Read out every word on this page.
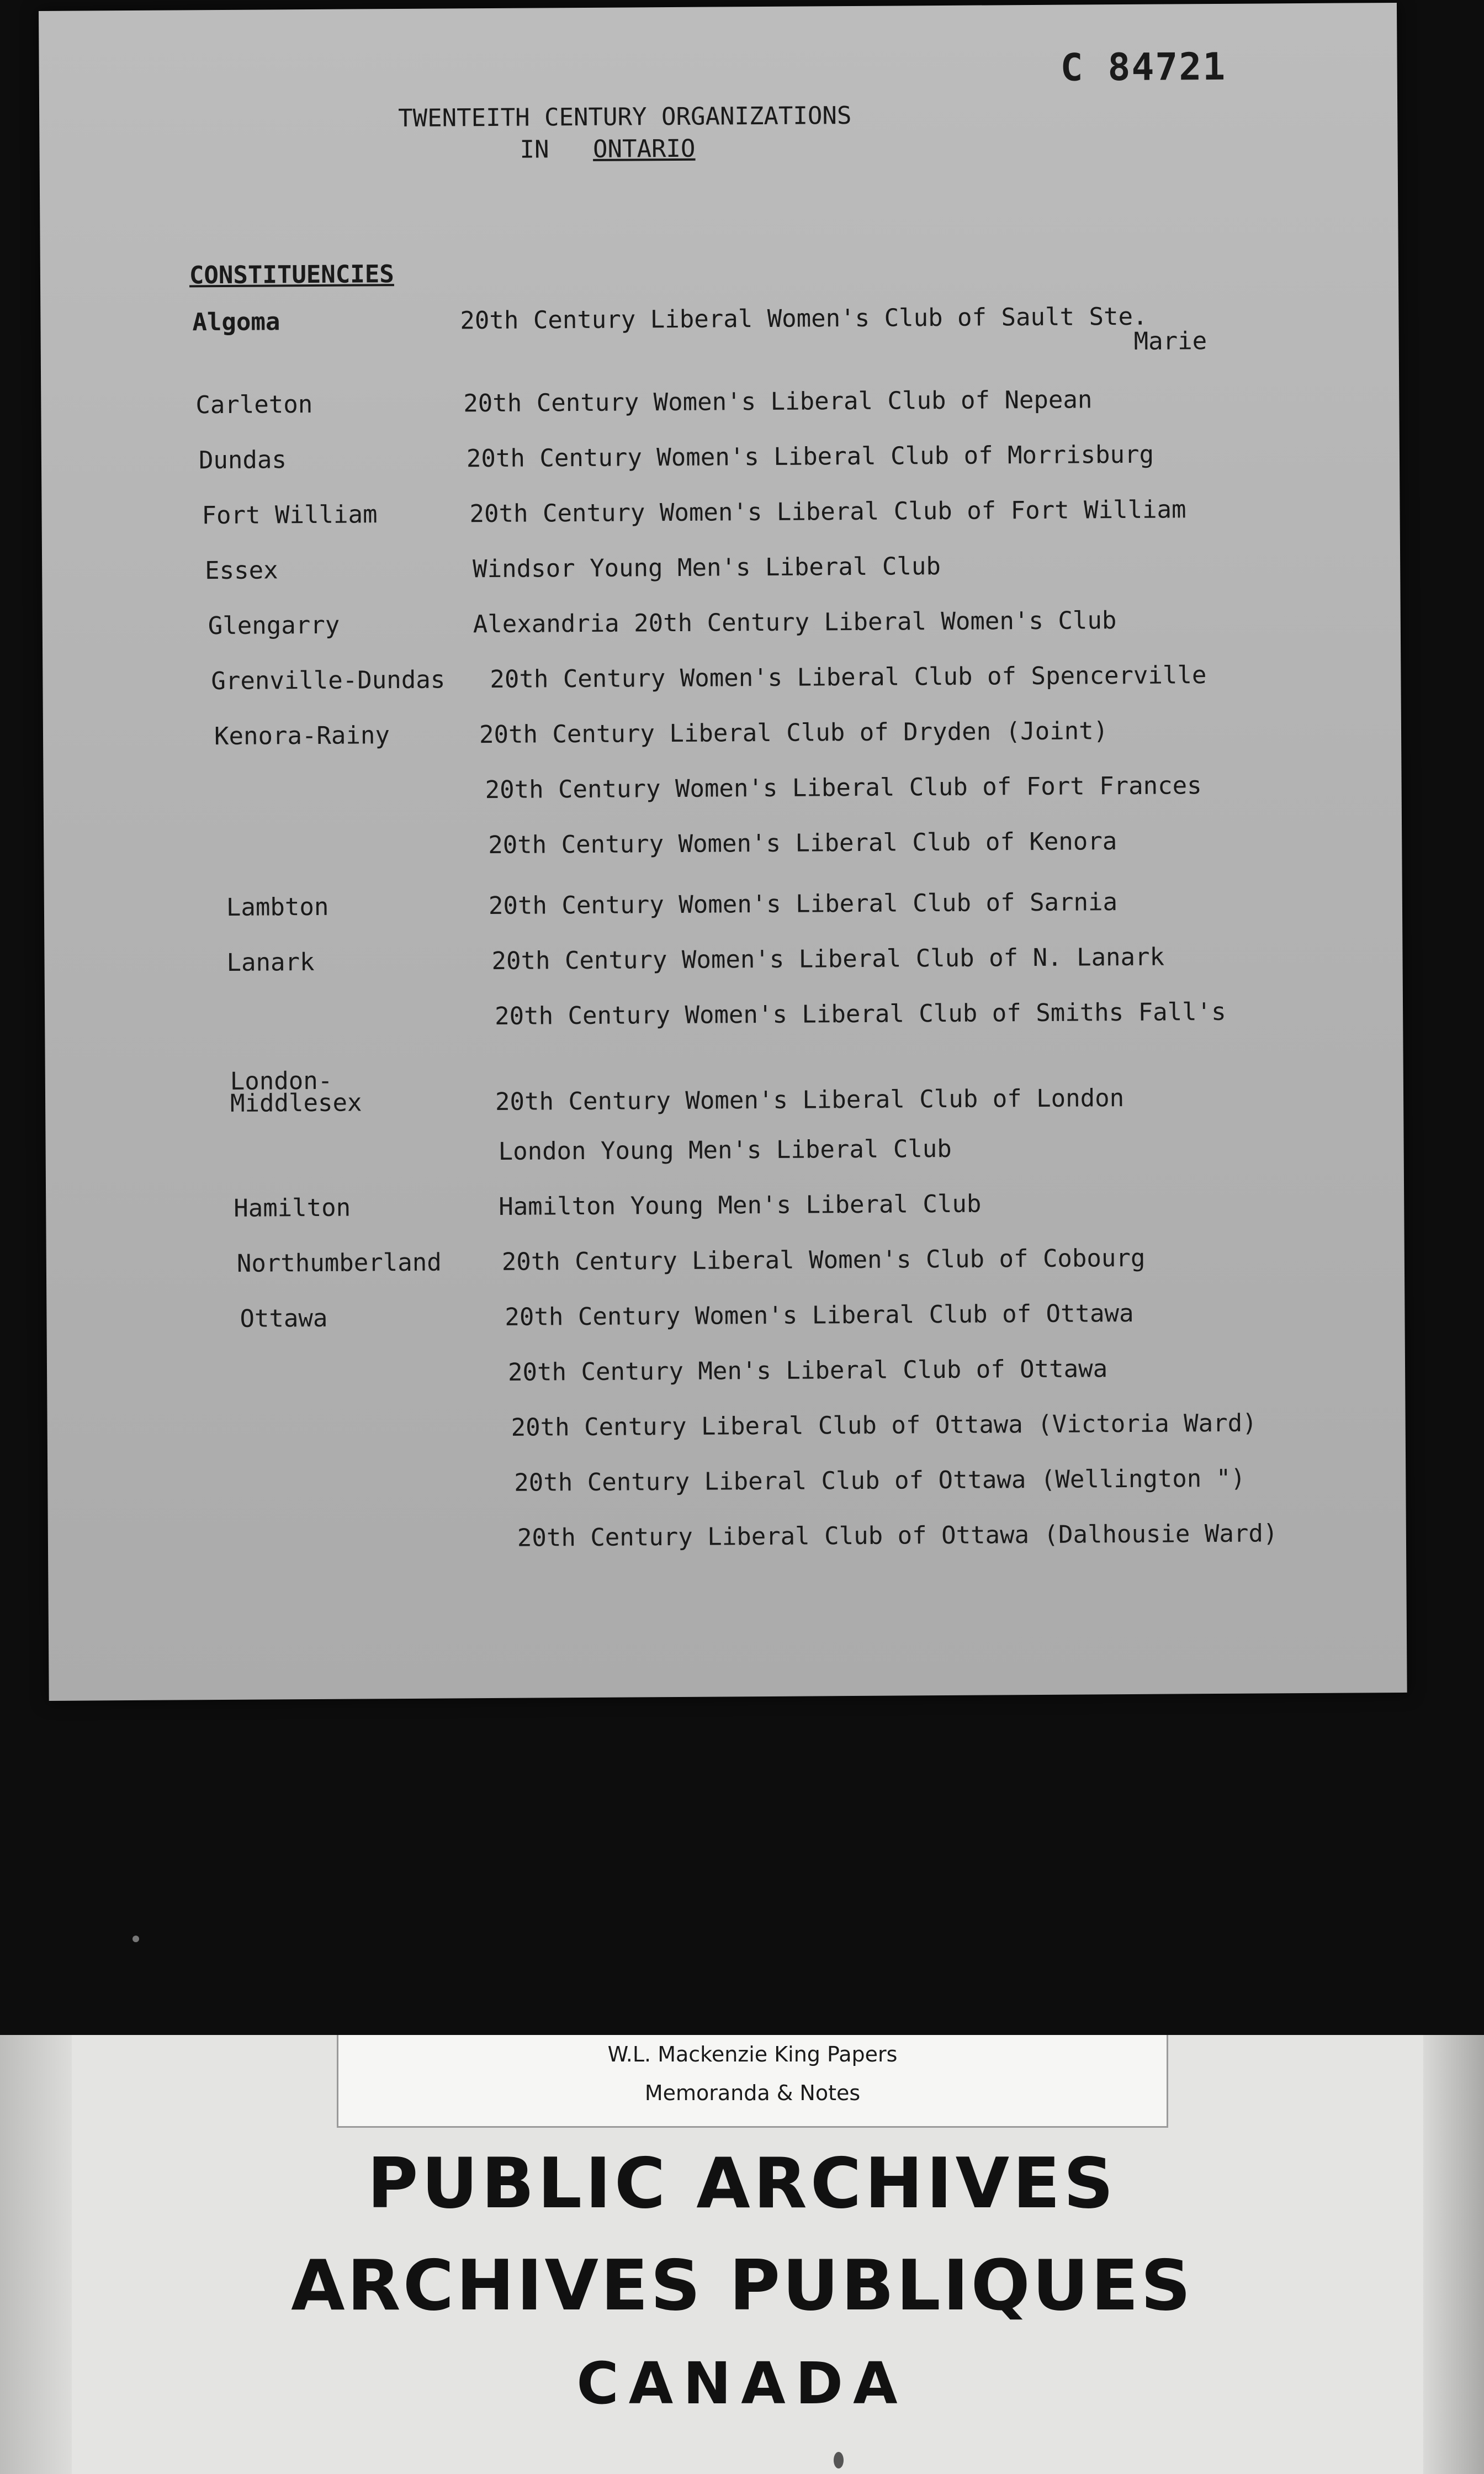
C 84721
TWENTEITH CENTURY ORGANIZATIONS
IN ONTARIO
CONSTITUENCIES
Algoma	20th Century Liberal Women's Club of Sault Ste.
Marie
Carleton	20th Century Women's Liberal Club of Nepean
Dundas	20th Century Women's Liberal Club of Morrisburg
Fort William	20th Century Women's Liberal Club of Fort William
Essex	Windsor Young Men's Liberal Club
Glengarry	Alexandria 20th Century Liberal Women's Club
Grenville-Dundas 20th Century Women's Liberal Club of Spencerville
Kenora-Rainy	20th Century Liberal Club of Dryden (Joint)
20th Century Women's Liberal Club of Fort Frances
20th Century Women's Liberal Club of Kenora
Lambton	20th Century Women's Liberal Club of Sarnia
Lanark	20th Century Women's Liberal Club of N. Lanark
20th Century Women's Liberal Club of Smiths Fall's
London-
Middlesex	20th Century Women's Liberal Club of London
London Young Men's Liberal Club
Hamilton	Hamilton Young Men's Liberal Club
Northumberland 20th Century Liberal Women's Club of Cobourg
Ottawa	20th Century Women's Liberal Club of Ottawa
20th Century Men's Liberal Club of Ottawa
20th Century Liberal Club of Ottawa (Victoria Ward)
20th Century Liberal Club of Ottawa (Wellington ")
20th Century Liberal Club of Ottawa (Dalhousie Ward)
W.L. Mackenzie King Papers
Memoranda & Notes
PUBLIC ARCHIVES
ARCHIVES PUBLIQUES
CANADA
